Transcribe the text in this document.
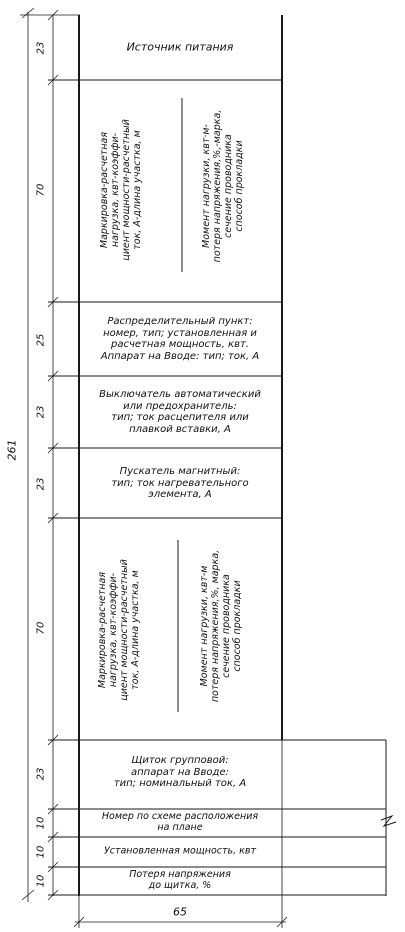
261
23
70
25
23
23
70
23
10
10
10
65
Источник питания
Маркировка-расчетная
нагрузка, квт-коэффи-
циент мощности-расчетный
ток, А-длина участка, м
Момент нагрузки, квт·м-
потеря напряжения,%,-марка,
сечение проводника
способ прокладки
Распределительный пункт:
номер, тип; установленная и
расчетная мощность, квт.
Аппарат на Вводе: тип; ток, А
Выключатель автоматический
или предохранитель:
тип; ток расцепителя или
плавкой вставки, А
Пускатель магнитный:
тип; ток нагревательного
элемента, А
Маркировка-расчетная
нагрузка, квт-коэффи-
циент мощности-расчетный
ток, А-длина участка, м
Момент нагрузки, квт-м
потеря напряжения,%, марка,
сечение проводника
способ прокладки
Щиток групповой:
аппарат на Вводе:
тип; номинальный ток, А
Номер по схеме расположения
на плане
Установленная мощность, квт
Потеря напряжения
до щитка, %
